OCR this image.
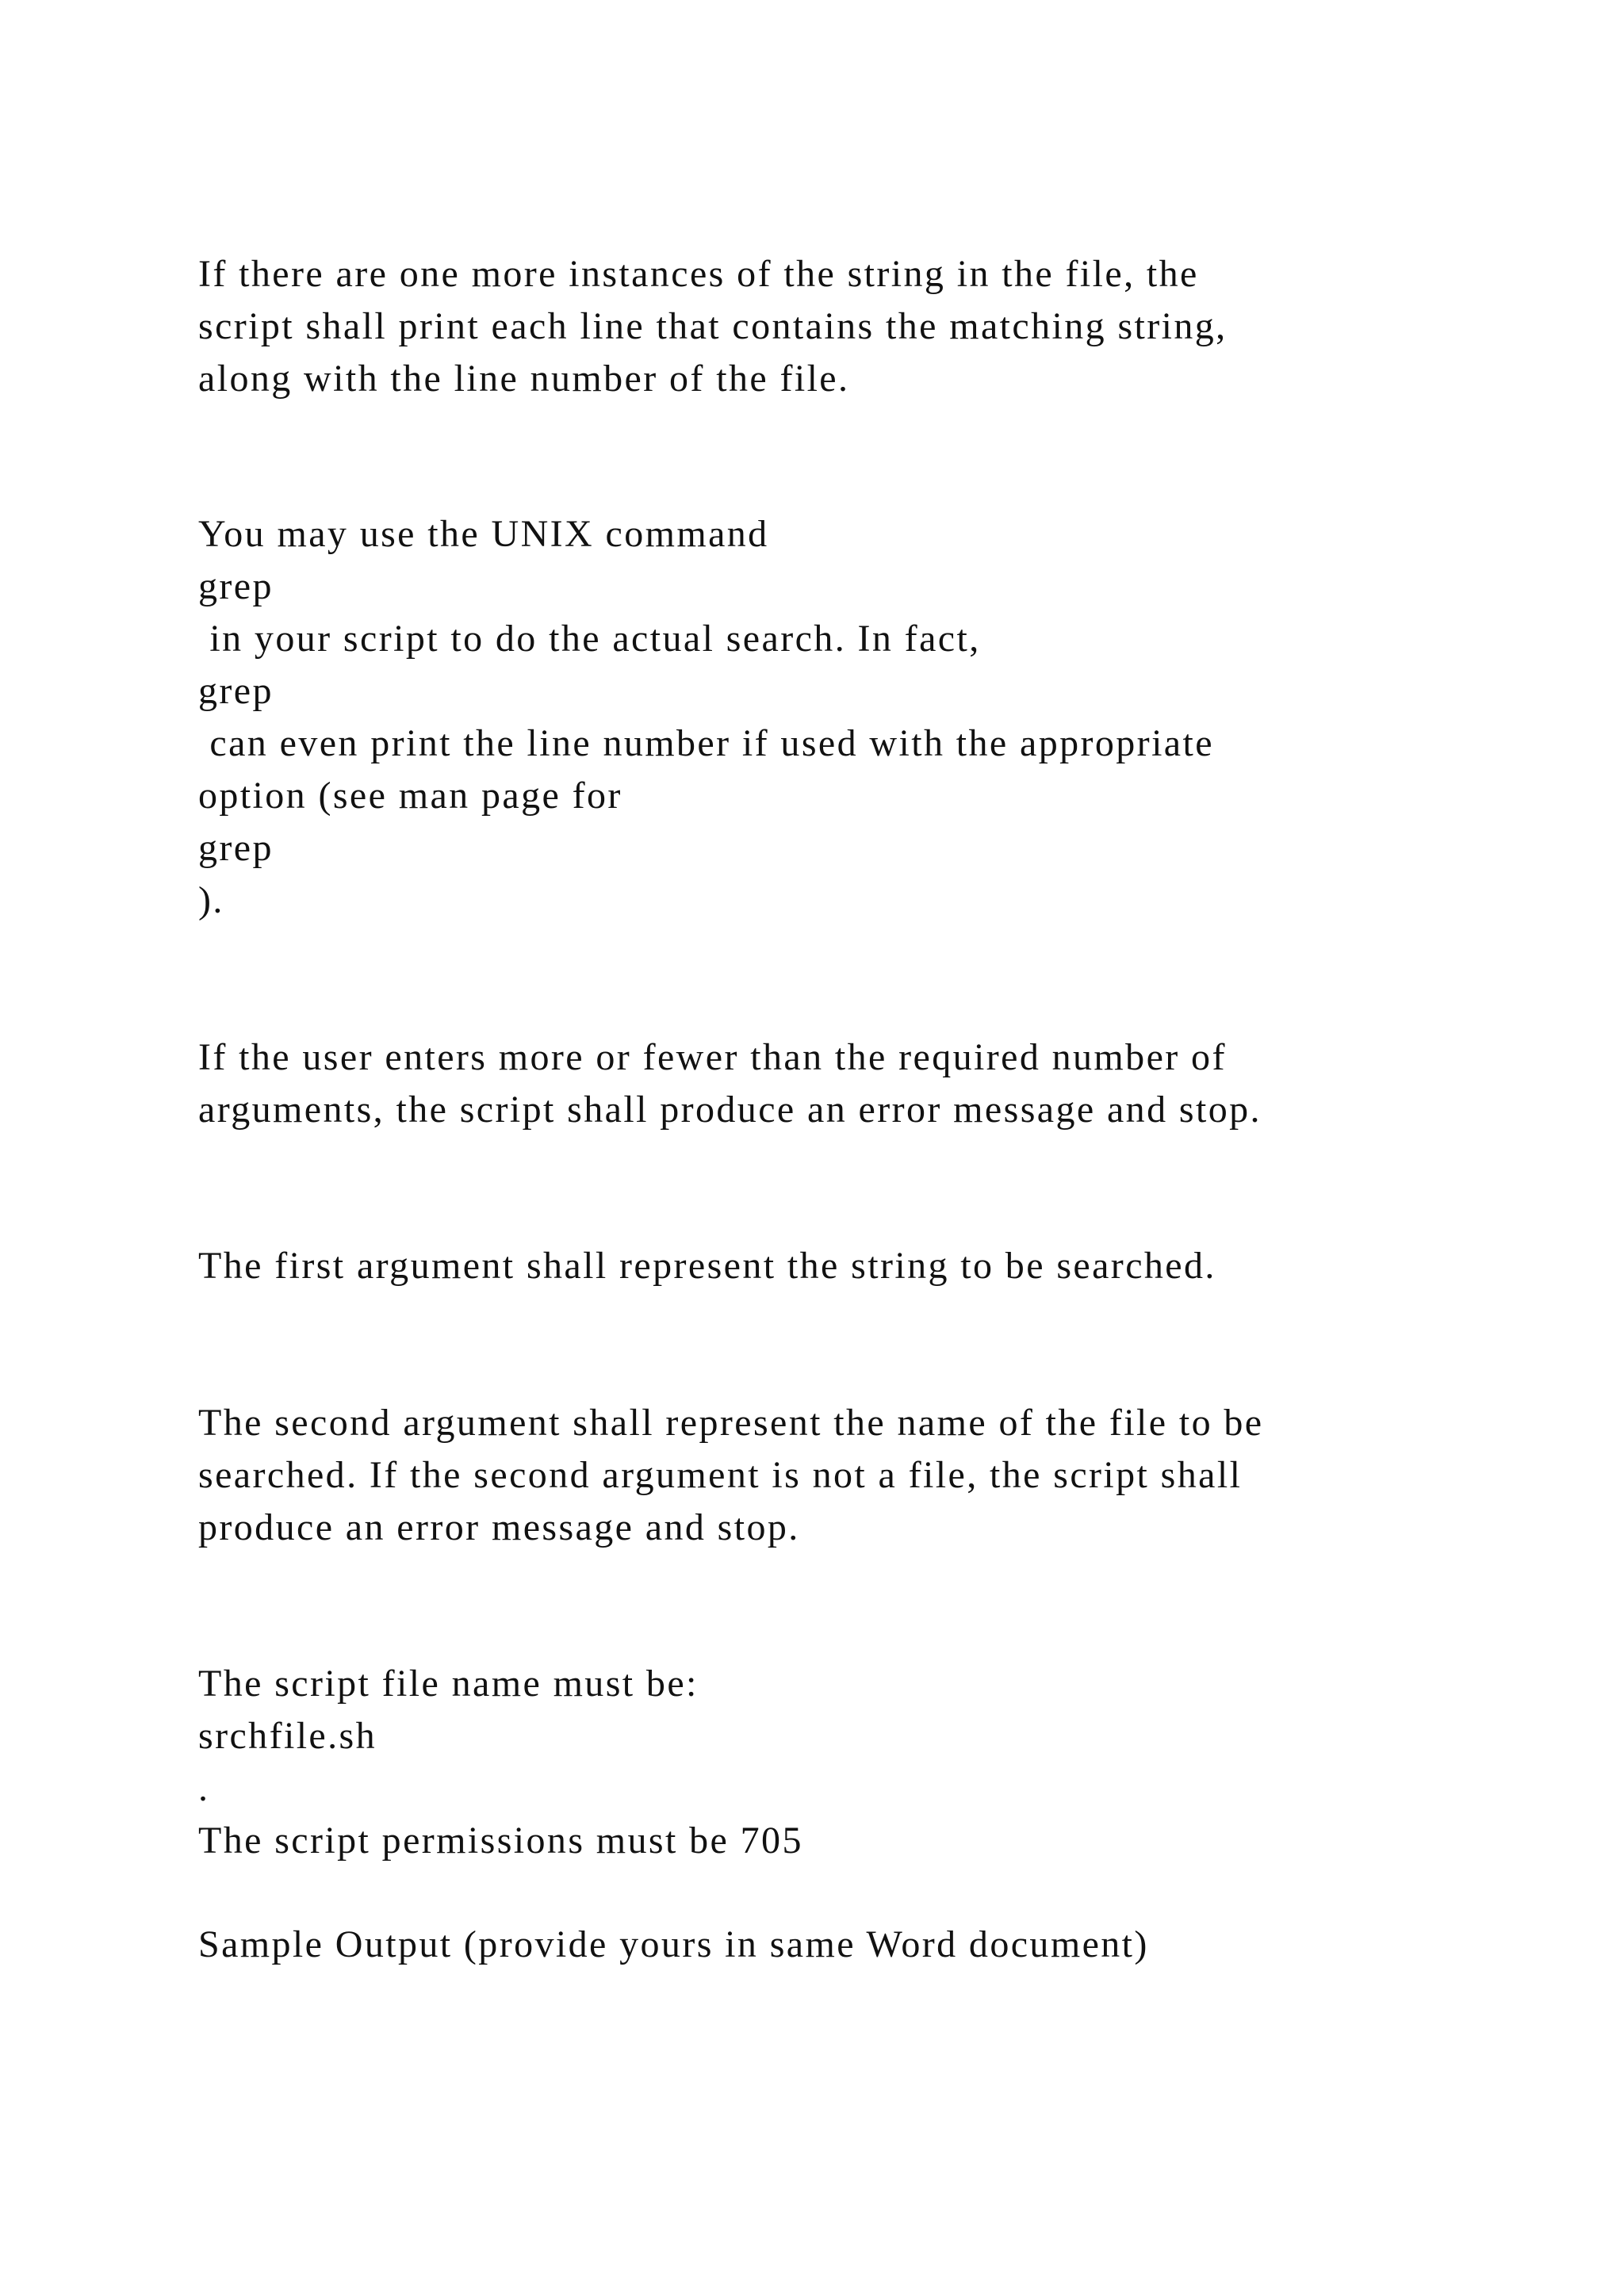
If there are one more instances of the string in the file, the
script shall print each line that contains the matching string,
along with the line number of the file.
You may use the UNIX command
grep
in your script to do the actual search. In fact,
grep
can even print the line number if used with the appropriate
option (see man page for
grep
).
If the user enters more or fewer than the required number of
arguments, the script shall produce an error message and stop.
The first argument shall represent the string to be searched.
The second argument shall represent the name of the file to be
searched. If the second argument is not a file, the script shall
produce an error message and stop.
The script file name must be:
srchfile.sh
.
The script permissions must be 705
Sample Output (provide yours in same Word document)
